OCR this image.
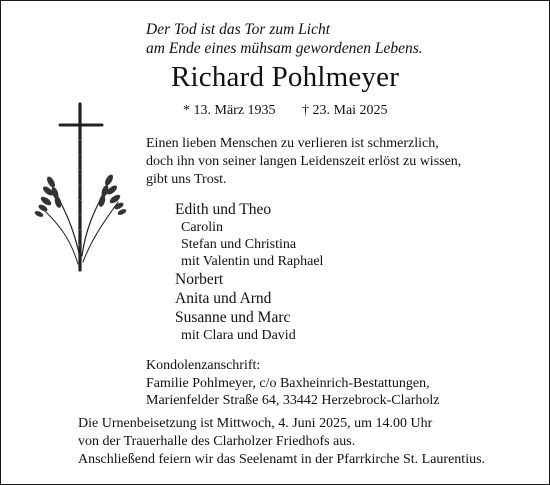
Der Tod ist das Tor zum Licht
am Ende eines mühsam gewordenen Lebens.
Richard Pohlmeyer
* 13. März 1935 † 23. Mai 2025
Einen lieben Menschen zu verlieren ist schmerzlich,
doch ihn von seiner langen Leidenszeit erlöst zu wissen,
gibt uns Trost.
Edith und Theo
Carolin
Stefan und Christina
mit Valentin und Raphael
Norbert
Anita und Arnd
Susanne und Marc
mit Clara und David
Kondolenzanschrift:
Familie Pohlmeyer, c/o Baxheinrich-Bestattungen,
Marienfelder Straße 64, 33442 Herzebrock-Clarholz
Die Urnenbeisetzung ist Mittwoch, 4. Juni 2025, um 14.00 Uhr
von der Trauerhalle des Clarholzer Friedhofs aus.
Anschließend feiern wir das Seelenamt in der Pfarrkirche St. Laurentius.
